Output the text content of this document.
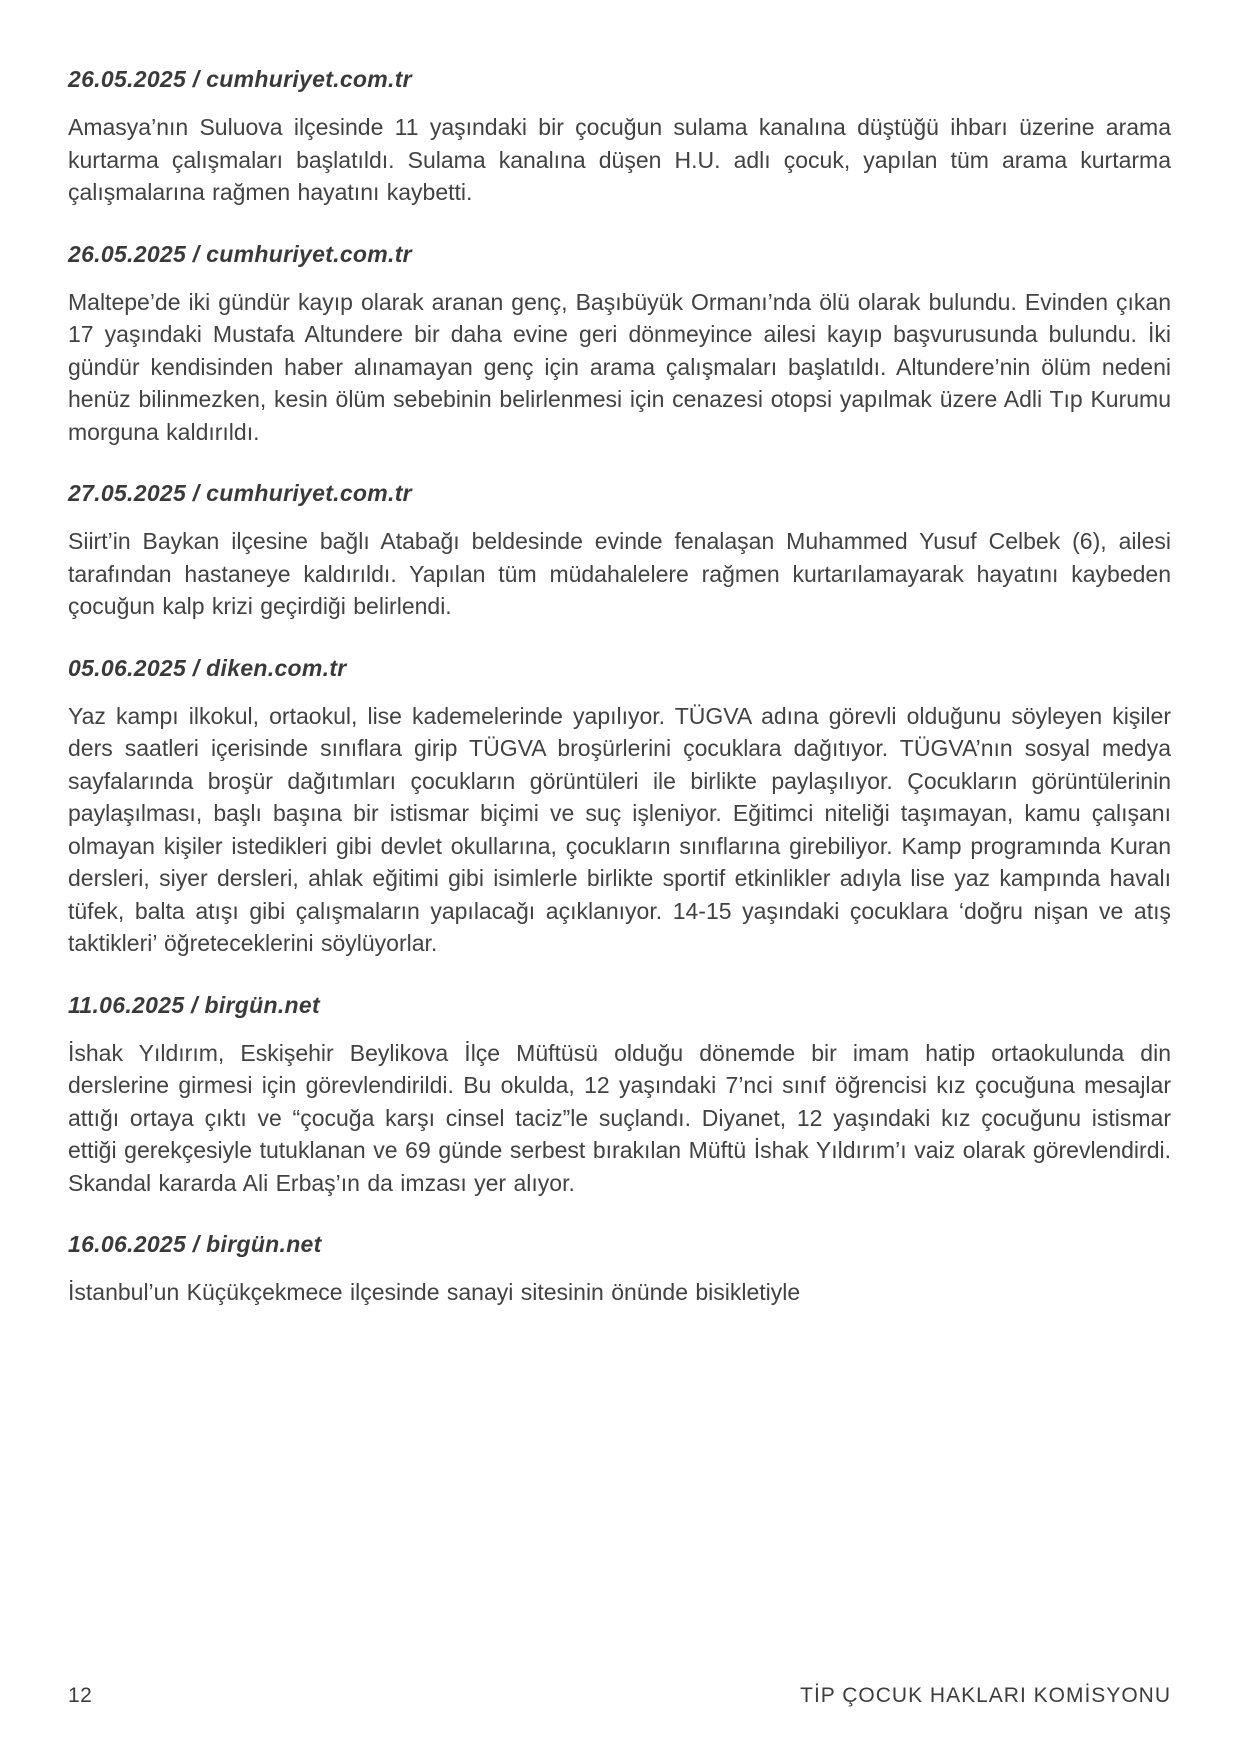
26.05.2025 / cumhuriyet.com.tr

Amasya’nın Suluova ilçesinde 11 yaşındaki bir çocuğun sulama kanalına düştüğü ihbarı üzerine arama kurtarma çalışmaları başlatıldı. Sulama kanalına düşen H.U. adlı çocuk, yapılan tüm arama kurtarma çalışmalarına rağmen hayatını kaybetti.

26.05.2025 / cumhuriyet.com.tr

Maltepe’de iki gündür kayıp olarak aranan genç, Başıbüyük Ormanı’nda ölü olarak bulundu. Evinden çıkan 17 yaşındaki Mustafa Altundere bir daha evine geri dönmeyince ailesi kayıp başvurusunda bulundu. İki gündür kendisinden haber alınamayan genç için arama çalışmaları başlatıldı. Altundere’nin ölüm nedeni henüz bilinmezken, kesin ölüm sebebinin belirlenmesi için cenazesi otopsi yapılmak üzere Adli Tıp Kurumu morguna kaldırıldı.

27.05.2025 / cumhuriyet.com.tr

Siirt’in Baykan ilçesine bağlı Atabağı beldesinde evinde fenalaşan Muhammed Yusuf Celbek (6), ailesi tarafından hastaneye kaldırıldı. Yapılan tüm müdahalelere rağmen kurtarılamayarak hayatını kaybeden çocuğun kalp krizi geçirdiği belirlendi.

05.06.2025 / diken.com.tr

Yaz kampı ilkokul, ortaokul, lise kademelerinde yapılıyor. TÜGVA adına görevli olduğunu söyleyen kişiler ders saatleri içerisinde sınıflara girip TÜGVA broşürlerini çocuklara dağıtıyor. TÜGVA’nın sosyal medya sayfalarında broşür dağıtımları çocukların görüntüleri ile birlikte paylaşılıyor. Çocukların görüntülerinin paylaşılması, başlı başına bir istismar biçimi ve suç işleniyor. Eğitimci niteliği taşımayan, kamu çalışanı olmayan kişiler istedikleri gibi devlet okullarına, çocukların sınıflarına girebiliyor. Kamp programında Kuran dersleri, siyer dersleri, ahlak eğitimi gibi isimlerle birlikte sportif etkinlikler adıyla lise yaz kampında havalı tüfek, balta atışı gibi çalışmaların yapılacağı açıklanıyor. 14-15 yaşındaki çocuklara ‘doğru nişan ve atış taktikleri’ öğreteceklerini söylüyorlar.

11.06.2025 / birgün.net

İshak Yıldırım, Eskişehir Beylikova İlçe Müftüsü olduğu dönemde bir imam hatip ortaokulunda din derslerine girmesi için görevlendirildi. Bu okulda, 12 yaşındaki 7’nci sınıf öğrencisi kız çocuğuna mesajlar attığı ortaya çıktı ve “çocuğa karşı cinsel taciz”le suçlandı. Diyanet, 12 yaşındaki kız çocuğunu istismar ettiği gerekçesiyle tutuklanan ve 69 günde serbest bırakılan Müftü İshak Yıldırım’ı vaiz olarak görevlendirdi. Skandal kararda Ali Erbaş’ın da imzası yer alıyor.

16.06.2025 / birgün.net

İstanbul’un Küçükçekmece ilçesinde sanayi sitesinin önünde bisikletiyle

12	TİP ÇOCUK HAKLARI KOMİSYONU
